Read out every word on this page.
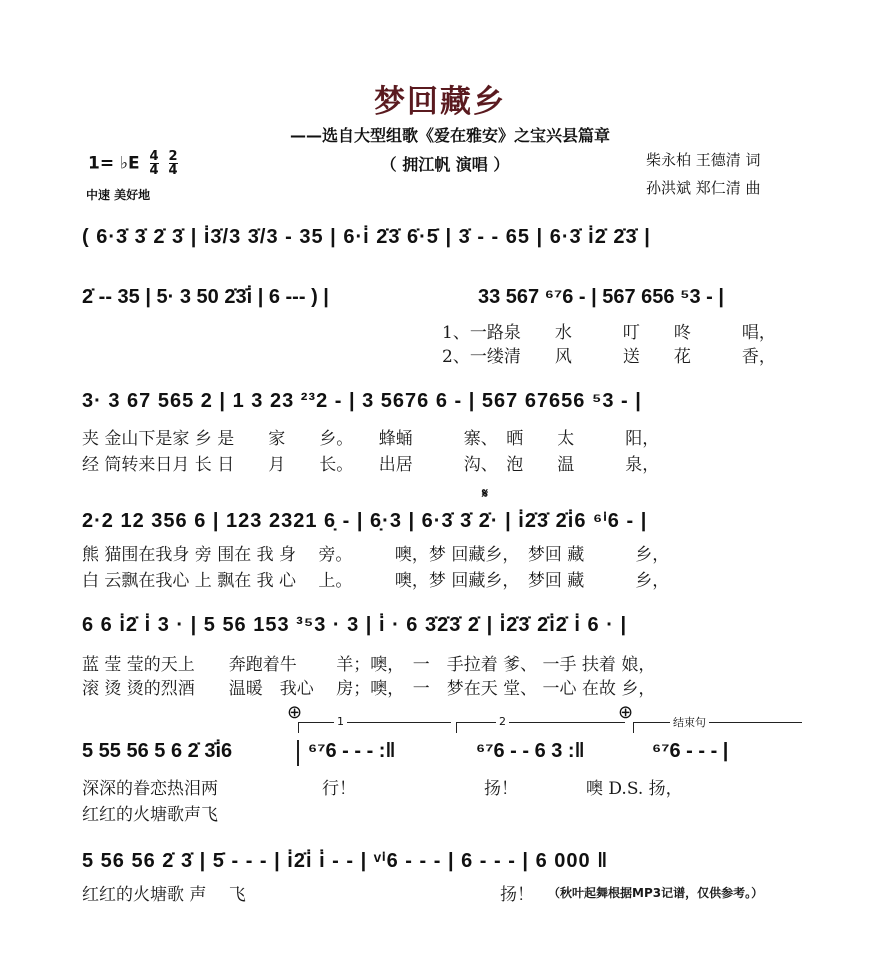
梦回藏乡
——选自大型组歌《爱在雅安》之宝兴县篇章
（ 拥江帆 演唱 ）
1= ♭E $\frac{4}{4}$
$\frac{2}{4}$
中速 美好地
柴永柏 王德清 词
孙洪斌 郑仁清 曲
( 6·3̇ 3̇ 2̇ 3̇ | i̇3̇/3 3̇/3 - 35 | 6·i̇ 2̇3̇ 6̇·5̇ | 3̇ - - 65 | 6·3̇ i̇2̇ 2̇3̇ |
2̇ -- 35 | 5· 3 50 2̇3̇i̇ | 6 --- ) |	33 567 ⁶⁷6 - | 567 656 ⁵3 - |
1、一路泉　　水　　　叮　　咚　　　唱，
2、一缕清　　风　　　送　　花　　　香，
3· 3 67 565 2 | 1 3 23 ²³2 - | 3 5676 6 - | 567 67656 ⁵3 - |
夹 金山下是家 乡 是　　家　　乡。　　蜂蛹　　　寨、　晒　　太　　　阳，
经 筒转来日月 长 日　　月　　长。　　出居　　　沟、　泡　　温　　　泉，
𝄋
2·2 12 356 6 | 123 2321 6̣ - | 6̣·3 | 6·3̇ 3̇ 2̇· | i̇2̇3̇ 2̇i̇6 ⁶ⁱ6 - |
熊 猫围在我身 旁 围在 我 身　 旁。　　　噢，梦 回藏乡，　梦回 藏　　　乡，
白 云飘在我心 上 飘在 我 心　 上。　　　噢，梦 回藏乡，　梦回 藏　　　乡，
6 6 i̇2̇ i̇ 3 · | 5 56 153 ³⁵3 · 3 | i̇ · 6 3̇2̇3̇ 2̇ | i̇2̇3̇ 2̇i̇2̇ i̇ 6 · |
蓝 莹 莹的天上　　奔跑着牛　　 羊；噢，　一　手拉着 爹、 一手 扶着 娘，
滚 烫 烫的烈酒　　温暖　我心　 房；噢，　一　梦在天 堂、 一心 在故 乡，
⊕	⊕
1	2	结束句
5 55 56 5 6 2̇ 3̇i̇6	⁶⁷6 - - - :‖	⁶⁷6 - - 6 3 :‖	⁶⁷6 - - - |
深深的眷恋热泪两	行！	扬！	噢 D.S. 扬，
红红的火塘歌声飞
5 56 56 2̇ 3̇ | 5̇ - - - | i̇2̇i̇ i̇ - - | ᵛⁱ6 - - - | 6 - - - | 6 000 ‖
红红的火塘歌 声　 飞	扬！ （秋叶起舞根据MP3记谱，仅供参考。）
